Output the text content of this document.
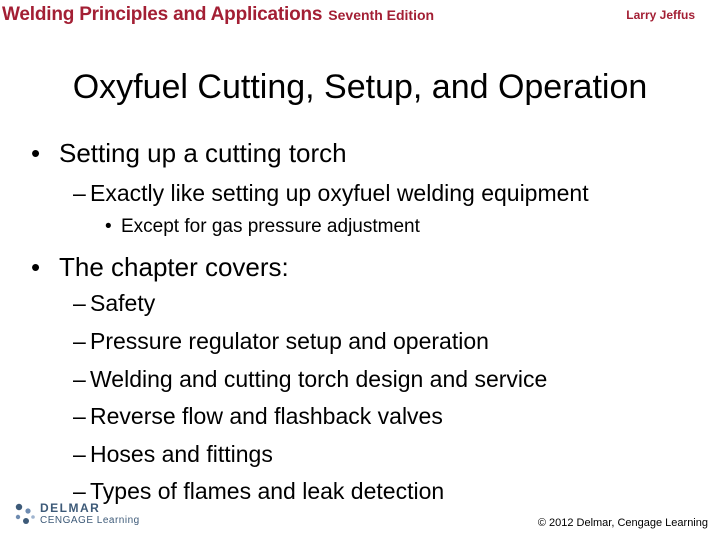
Welding Principles and Applications Seventh Edition	Larry Jeffus
Oxyfuel Cutting, Setup, and Operation
• Setting up a cutting torch
– Exactly like setting up oxyfuel welding equipment
• Except for gas pressure adjustment
• The chapter covers:
– Safety
– Pressure regulator setup and operation
– Welding and cutting torch design and service
– Reverse flow and flashback valves
– Hoses and fittings
– Types of flames and leak detection
DELMAR
CENGAGE Learning	© 2012 Delmar, Cengage Learning
